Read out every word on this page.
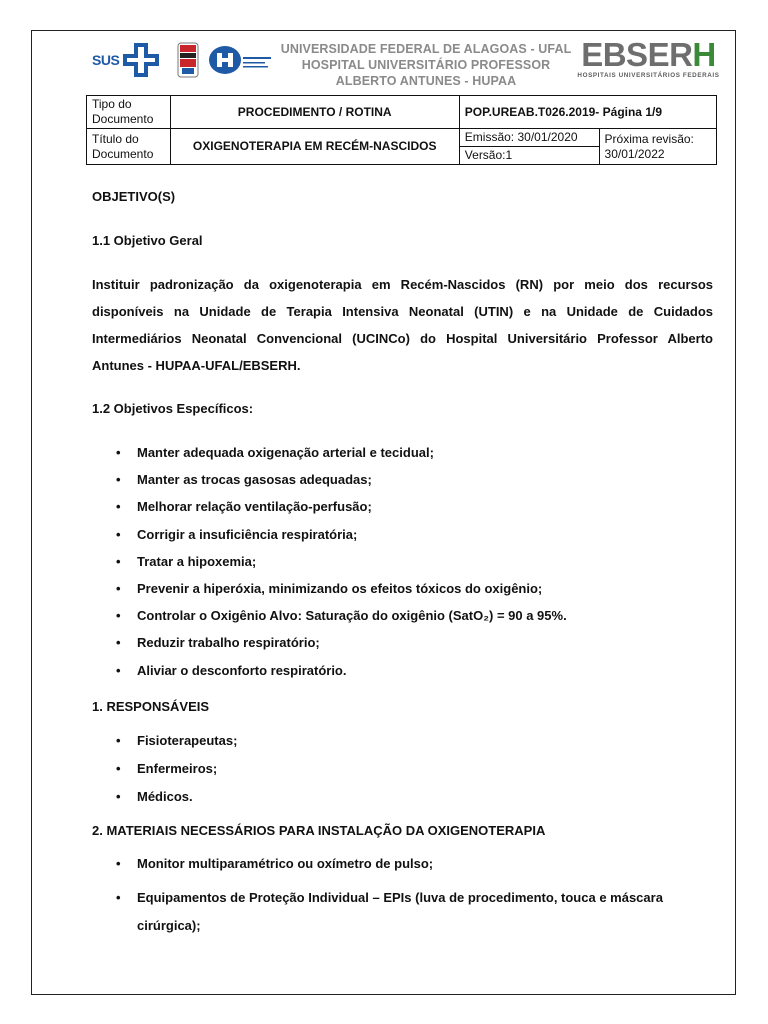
SUS
UNIVERSIDADE FEDERAL DE ALAGOAS - UFAL
HOSPITAL UNIVERSITÁRIO PROFESSOR
ALBERTO ANTUNES - HUPAA
EBSERH
HOSPITAIS UNIVERSITÁRIOS FEDERAIS
Tipo do Documento	PROCEDIMENTO / ROTINA	POP.UREAB.T026.2019- Página 1/9	
Título do Documento	OXIGENOTERAPIA EM RECÉM-NASCIDOS	Emissão: 30/01/2020	Próxima revisão:
30/01/2022

		Versão:1	
OBJETIVO(S)
1.1 Objetivo Geral
Instituir padronização da oxigenoterapia em Recém-Nascidos (RN) por meio dos recursos disponíveis na Unidade de Terapia Intensiva Neonatal (UTIN) e na Unidade de Cuidados Intermediários Neonatal Convencional (UCINCo) do Hospital Universitário Professor Alberto Antunes - HUPAA-UFAL/EBSERH.
1.2 Objetivos Específicos:
• Manter adequada oxigenação arterial e tecidual;
• Manter as trocas gasosas adequadas;
• Melhorar relação ventilação-perfusão;
• Corrigir a insuficiência respiratória;
• Tratar a hipoxemia;
• Prevenir a hiperóxia, minimizando os efeitos tóxicos do oxigênio;
• Controlar o Oxigênio Alvo: Saturação do oxigênio (SatO₂) = 90 a 95%.
• Reduzir trabalho respiratório;
• Aliviar o desconforto respiratório.
1. RESPONSÁVEIS
• Fisioterapeutas;
• Enfermeiros;
• Médicos.
2. MATERIAIS NECESSÁRIOS PARA INSTALAÇÃO DA OXIGENOTERAPIA
• Monitor multiparamétrico ou oxímetro de pulso;
• Equipamentos de Proteção Individual – EPIs (luva de procedimento, touca e máscara cirúrgica);
